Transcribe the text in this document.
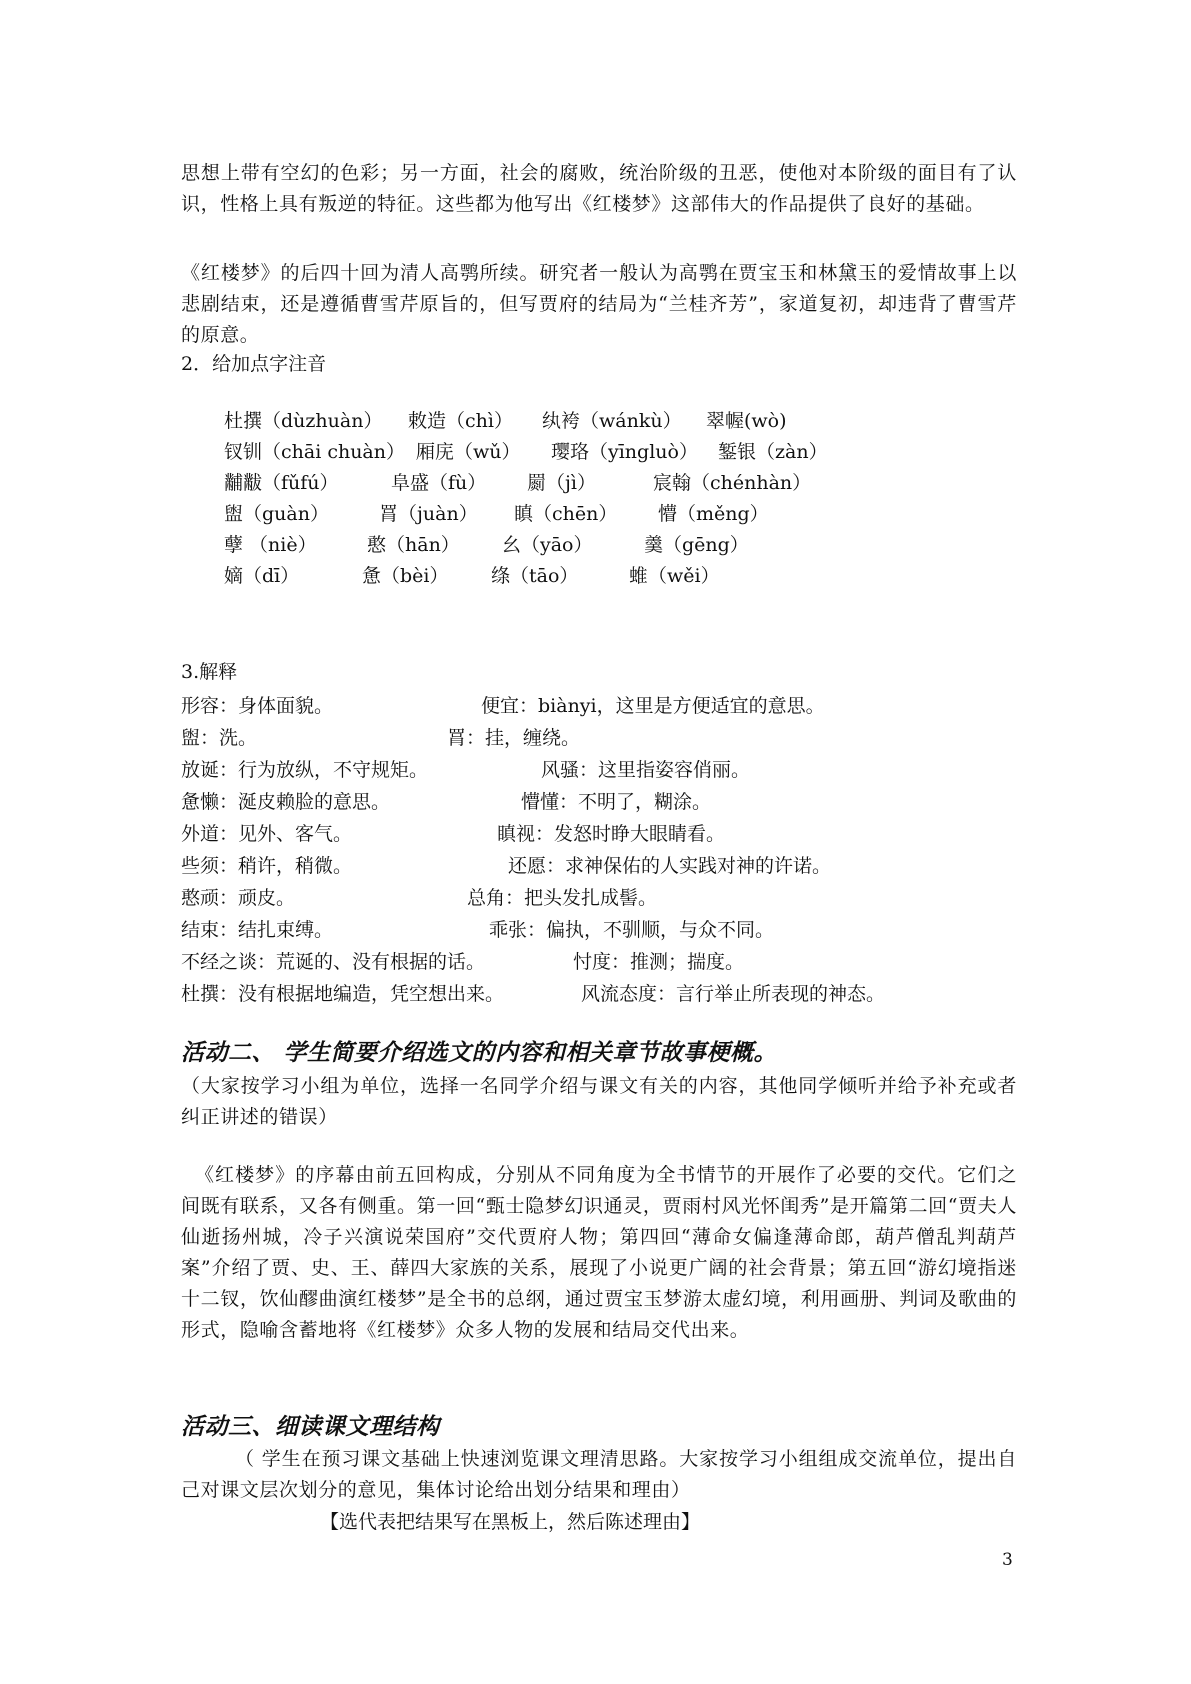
思想上带有空幻的色彩；另一方面，社会的腐败，统治阶级的丑恶，使他对本阶级的面目有了认识，性格上具有叛逆的特征。这些都为他写出《红楼梦》这部伟大的作品提供了良好的基础。
《红楼梦》的后四十回为清人高鹗所续。研究者一般认为高鹗在贾宝玉和林黛玉的爱情故事上以悲剧结束，还是遵循曹雪芹原旨的，但写贾府的结局为“兰桂齐芳”，家道复初，却违背了曹雪芹的原意。
2．给加点字注音
杜撰（dùzhuàn） 敕造（chì） 纨袴（wánkù） 翠幄(wò)
钗钏（chāi chuàn） 厢庑（wǔ） 璎珞（yīngluò） 錾银（zàn）
黼黻（fǔfú）	阜盛（fù） 罽（jì）	宸翰（chénhàn）
盥（guàn）	罥（juàn） 瞋（chēn） 懵（měng）
孽 （niè）	憨（hān） 幺（yāo）	羹（gēng）
嫡（dī）	惫（bèi） 绦（tāo）	蜼（wěi）
3.解释
形容：身体面貌。	便宜：biànyi，这里是方便适宜的意思。
盥：洗。	罥：挂，缠绕。
放诞：行为放纵，不守规矩。	风骚：这里指姿容俏丽。
惫懒：涎皮赖脸的意思。	懵懂：不明了，糊涂。
外道：见外、客气。	瞋视：发怒时睁大眼睛看。
些须：稍许，稍微。	还愿：求神保佑的人实践对神的许诺。
憨顽：顽皮。	总角：把头发扎成髻。
结束：结扎束缚。	乖张：偏执，不驯顺，与众不同。
不经之谈：荒诞的、没有根据的话。	忖度：推测；揣度。
杜撰：没有根据地编造，凭空想出来。	风流态度：言行举止所表现的神态。
活动二、 学生简要介绍选文的内容和相关章节故事梗概。
（大家按学习小组为单位，选择一名同学介绍与课文有关的内容，其他同学倾听并给予补充或者纠正讲述的错误）
《红楼梦》的序幕由前五回构成，分别从不同角度为全书情节的开展作了必要的交代。它们之间既有联系，又各有侧重。第一回“甄士隐梦幻识通灵，贾雨村风光怀闺秀”是开篇第二回“贾夫人仙逝扬州城，冷子兴演说荣国府”交代贾府人物；第四回“薄命女偏逢薄命郎，葫芦僧乱判葫芦案”介绍了贾、史、王、薛四大家族的关系，展现了小说更广阔的社会背景；第五回“游幻境指迷十二钗，饮仙醪曲演红楼梦”是全书的总纲，通过贾宝玉梦游太虚幻境，利用画册、判词及歌曲的形式，隐喻含蓄地将《红楼梦》众多人物的发展和结局交代出来。
活动三、细读课文理结构
（ 学生在预习课文基础上快速浏览课文理清思路。大家按学习小组组成交流单位，提出自己对课文层次划分的意见，集体讨论给出划分结果和理由）
【选代表把结果写在黑板上，然后陈述理由】
3
